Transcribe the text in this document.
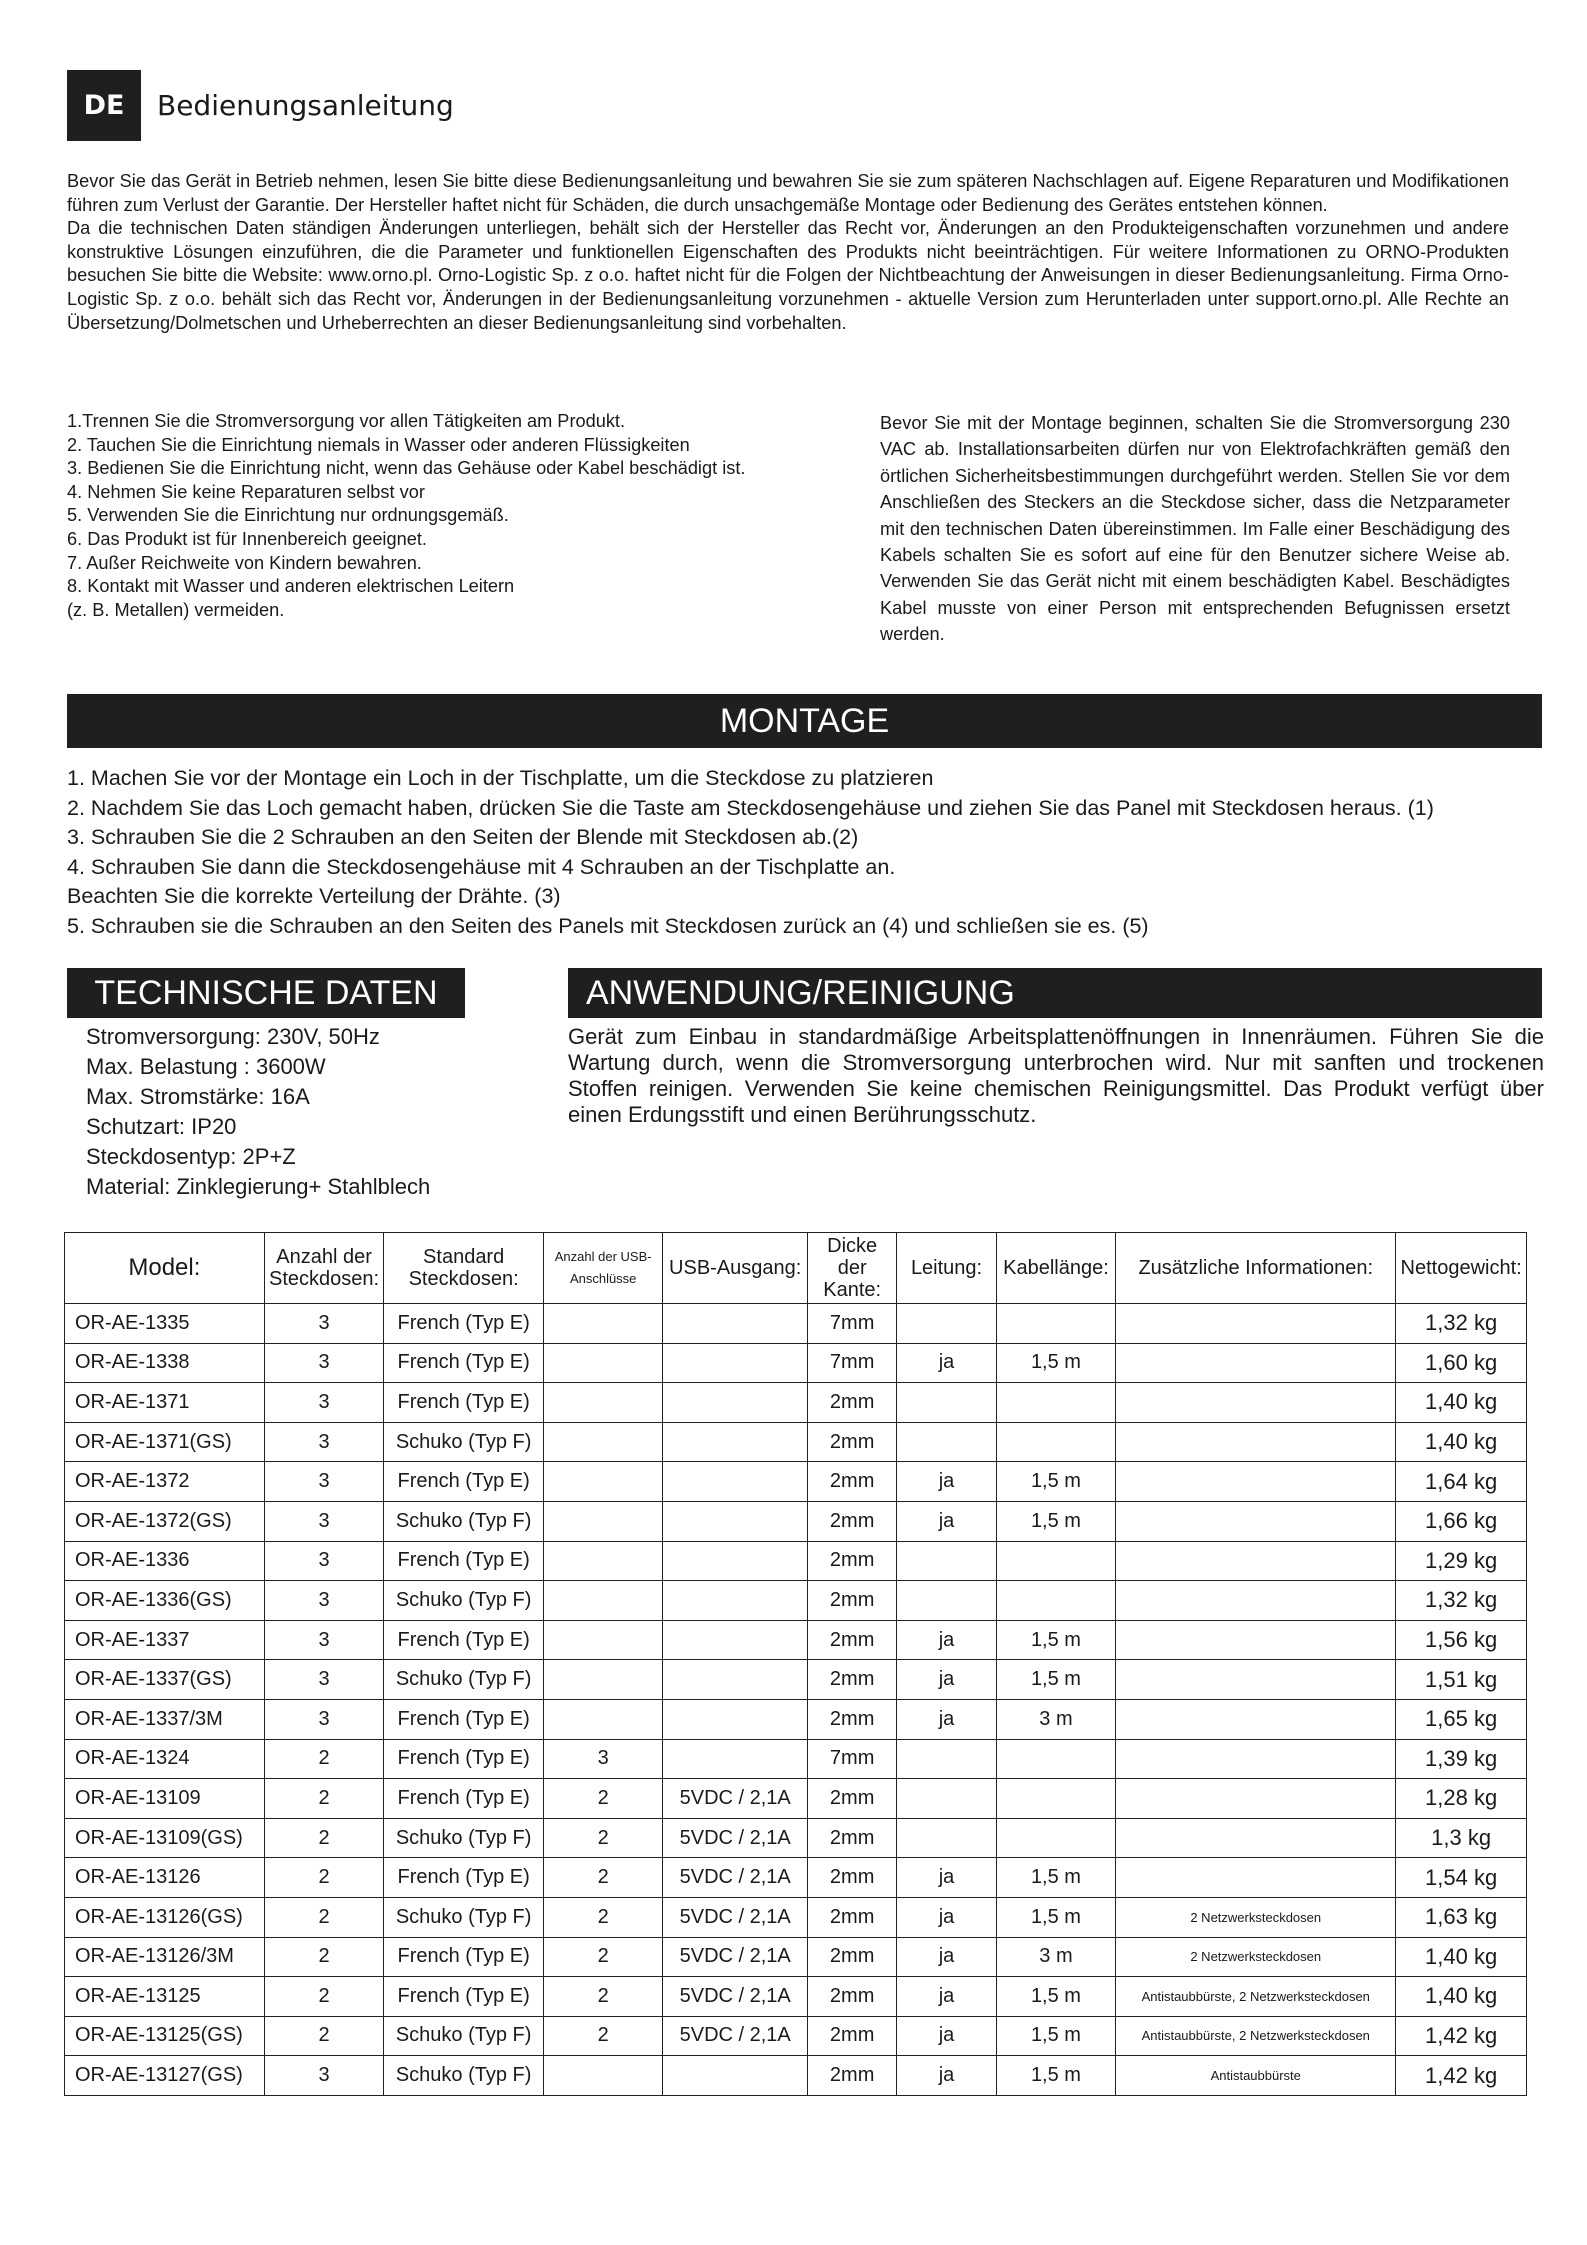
DE	Bedienungsanleitung

Bevor Sie das Gerät in Betrieb nehmen, lesen Sie bitte diese Bedienungsanleitung und bewahren Sie sie zum späteren Nachschlagen auf. Eigene Reparaturen und Modifikationen führen zum Verlust der Garantie. Der Hersteller haftet nicht für Schäden, die durch unsachgemäße Montage oder Bedienung des Gerätes entstehen können.

Da die technischen Daten ständigen Änderungen unterliegen, behält sich der Hersteller das Recht vor, Änderungen an den Produkteigenschaften vorzunehmen und andere konstruktive Lösungen einzuführen, die die Parameter und funktionellen Eigenschaften des Produkts nicht beeinträchtigen. Für weitere Informationen zu ORNO-Produkten besuchen Sie bitte die Website: www.orno.pl. Orno-Logistic Sp. z o.o. haftet nicht für die Folgen der Nichtbeachtung der Anweisungen in dieser Bedienungsanleitung. Firma Orno-Logistic Sp. z o.o. behält sich das Recht vor, Änderungen in der Bedienungsanleitung vorzunehmen - aktuelle Version zum Herunterladen unter support.orno.pl. Alle Rechte an Übersetzung/Dolmetschen und Urheberrechten an dieser Bedienungsanleitung sind vorbehalten.

1.Trennen Sie die Stromversorgung vor allen Tätigkeiten am Produkt.
2. Tauchen Sie die Einrichtung niemals in Wasser oder anderen Flüssigkeiten
3. Bedienen Sie die Einrichtung nicht, wenn das Gehäuse oder Kabel beschädigt ist.
4. Nehmen Sie keine Reparaturen selbst vor
5. Verwenden Sie die Einrichtung nur ordnungsgemäß.
6. Das Produkt ist für Innenbereich geeignet.
7. Außer Reichweite von Kindern bewahren.
8. Kontakt mit Wasser und anderen elektrischen Leitern
(z. B. Metallen) vermeiden.
Bevor Sie mit der Montage beginnen, schalten Sie die Stromversorgung 230 VAC ab. Installationsarbeiten dürfen nur von Elektrofachkräften gemäß den örtlichen Sicherheitsbestimmungen durchgeführt werden. Stellen Sie vor dem Anschließen des Steckers an die Steckdose sicher, dass die Netzparameter mit den technischen Daten übereinstimmen. Im Falle einer Beschädigung des Kabels schalten Sie es sofort auf eine für den Benutzer sichere Weise ab. Verwenden Sie das Gerät nicht mit einem beschädigten Kabel. Beschädigtes Kabel musste von einer Person mit entsprechenden Befugnissen ersetzt werden.
MONTAGE
1. Machen Sie vor der Montage ein Loch in der Tischplatte, um die Steckdose zu platzieren
2. Nachdem Sie das Loch gemacht haben, drücken Sie die Taste am Steckdosengehäuse und ziehen Sie das Panel mit Steckdosen heraus. (1)
3. Schrauben Sie die 2 Schrauben an den Seiten der Blende mit Steckdosen ab.(2)
4. Schrauben Sie dann die Steckdosengehäuse mit 4 Schrauben an der Tischplatte an.
Beachten Sie die korrekte Verteilung der Drähte. (3)
5. Schrauben sie die Schrauben an den Seiten des Panels mit Steckdosen zurück an (4) und schließen sie es. (5)
TECHNISCHE DATEN	ANWENDUNG/REINIGUNG
Stromversorgung: 230V, 50Hz
Max. Belastung : 3600W
Max. Stromstärke: 16A
Schutzart: IP20
Steckdosentyp: 2P+Z
Material: Zinklegierung+ Stahlblech
Gerät zum Einbau in standardmäßige Arbeitsplattenöffnungen in Innenräumen. Führen Sie die Wartung durch, wenn die Stromversorgung unterbrochen wird. Nur mit sanften und trockenen Stoffen reinigen. Verwenden Sie keine chemischen Reinigungsmittel. Das Produkt verfügt über einen Erdungsstift und einen Berührungsschutz.
Model:	Anzahl der Steckdosen:	Standard Steckdosen:	Anzahl der USB-Anschlüsse	USB-Ausgang:	Dicke der Kante:	Leitung:	Kabellänge:	Zusätzliche Informationen:	Nettogewicht:
OR-AE-1335	3	French (Typ E)			7mm				1,32 kg
OR-AE-1338	3	French (Typ E)			7mm	ja	1,5 m		1,60 kg
OR-AE-1371	3	French (Typ E)			2mm				1,40 kg
OR-AE-1371(GS)	3	Schuko (Typ F)			2mm				1,40 kg
OR-AE-1372	3	French (Typ E)			2mm	ja	1,5 m		1,64 kg
OR-AE-1372(GS)	3	Schuko (Typ F)			2mm	ja	1,5 m		1,66 kg
OR-AE-1336	3	French (Typ E)			2mm				1,29 kg
OR-AE-1336(GS)	3	Schuko (Typ F)			2mm				1,32 kg
OR-AE-1337	3	French (Typ E)			2mm	ja	1,5 m		1,56 kg
OR-AE-1337(GS)	3	Schuko (Typ F)			2mm	ja	1,5 m		1,51 kg
OR-AE-1337/3M	3	French (Typ E)			2mm	ja	3 m		1,65 kg
OR-AE-1324	2	French (Typ E)	3		7mm				1,39 kg
OR-AE-13109	2	French (Typ E)	2	5VDC / 2,1A	2mm				1,28 kg
OR-AE-13109(GS)	2	Schuko (Typ F)	2	5VDC / 2,1A	2mm				1,3 kg
OR-AE-13126	2	French (Typ E)	2	5VDC / 2,1A	2mm	ja	1,5 m		1,54 kg
OR-AE-13126(GS)	2	Schuko (Typ F)	2	5VDC / 2,1A	2mm	ja	1,5 m	2 Netzwerksteckdosen	1,63 kg
OR-AE-13126/3M	2	French (Typ E)	2	5VDC / 2,1A	2mm	ja	3 m	2 Netzwerksteckdosen	1,40 kg
OR-AE-13125	2	French (Typ E)	2	5VDC / 2,1A	2mm	ja	1,5 m	Antistaubbürste, 2 Netzwerksteckdosen	1,40 kg
OR-AE-13125(GS)	2	Schuko (Typ F)	2	5VDC / 2,1A	2mm	ja	1,5 m	Antistaubbürste, 2 Netzwerksteckdosen	1,42 kg
OR-AE-13127(GS)	3	Schuko (Typ F)			2mm	ja	1,5 m	Antistaubbürste	1,42 kg
